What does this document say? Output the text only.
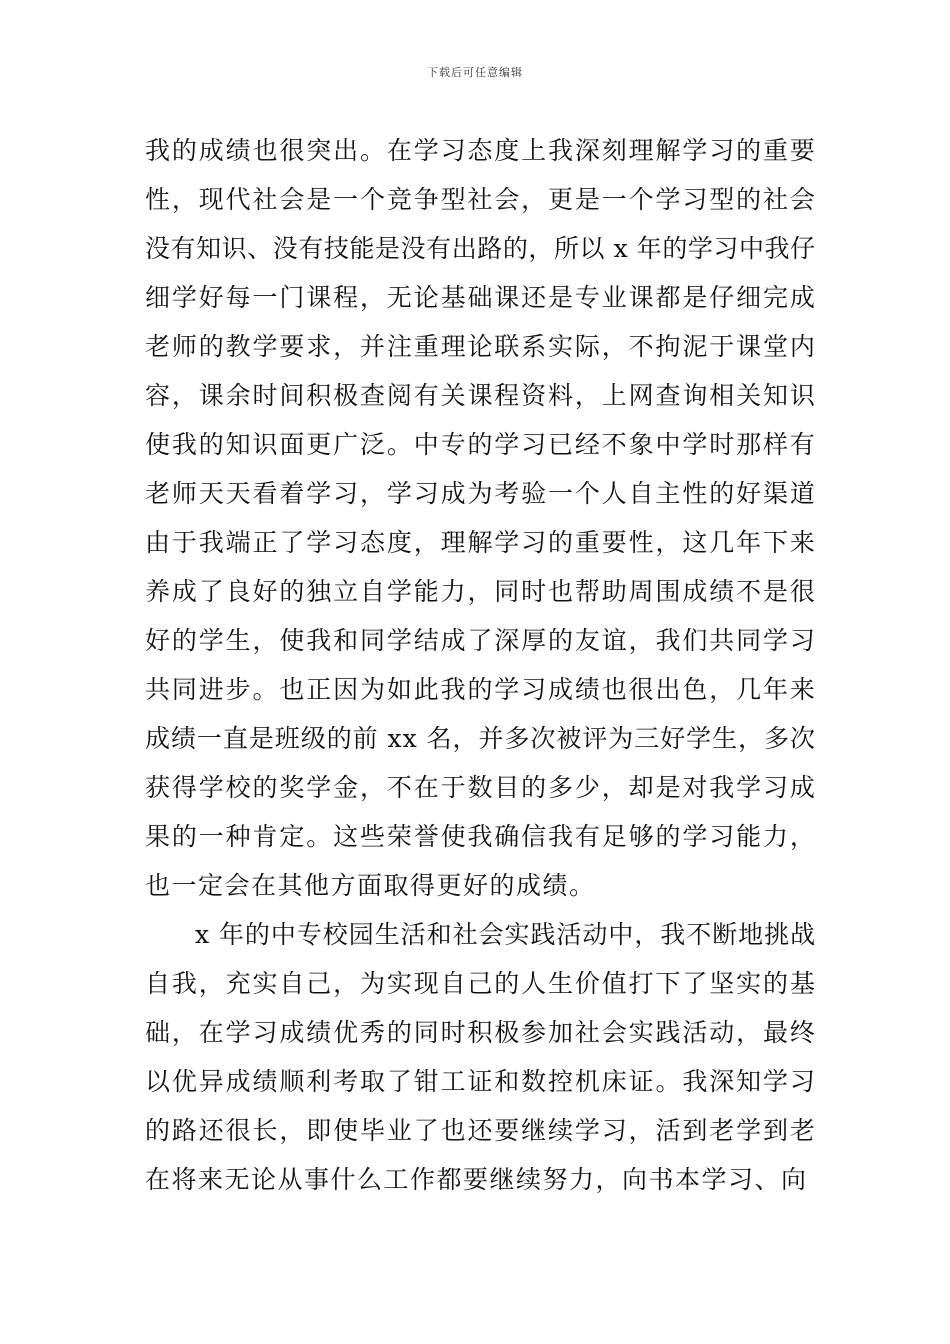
下载后可任意编辑
我的成绩也很突出。在学习态度上我深刻理解学习的重要
性，现代社会是一个竞争型社会，更是一个学习型的社会
没有知识、没有技能是没有出路的，所以 x 年的学习中我仔
细学好每一门课程，无论基础课还是专业课都是仔细完成
老师的教学要求，并注重理论联系实际，不拘泥于课堂内
容，课余时间积极查阅有关课程资料，上网查询相关知识
使我的知识面更广泛。中专的学习已经不象中学时那样有
老师天天看着学习，学习成为考验一个人自主性的好渠道
由于我端正了学习态度，理解学习的重要性，这几年下来
养成了良好的独立自学能力，同时也帮助周围成绩不是很
好的学生，使我和同学结成了深厚的友谊，我们共同学习
共同进步。也正因为如此我的学习成绩也很出色，几年来
成绩一直是班级的前 xx 名，并多次被评为三好学生，多次
获得学校的奖学金，不在于数目的多少，却是对我学习成
果的一种肯定。这些荣誉使我确信我有足够的学习能力，
也一定会在其他方面取得更好的成绩。
x 年的中专校园生活和社会实践活动中，我不断地挑战
自我，充实自己，为实现自己的人生价值打下了坚实的基
础，在学习成绩优秀的同时积极参加社会实践活动，最终
以优异成绩顺利考取了钳工证和数控机床证。我深知学习
的路还很长，即使毕业了也还要继续学习，活到老学到老
在将来无论从事什么工作都要继续努力，向书本学习、向
